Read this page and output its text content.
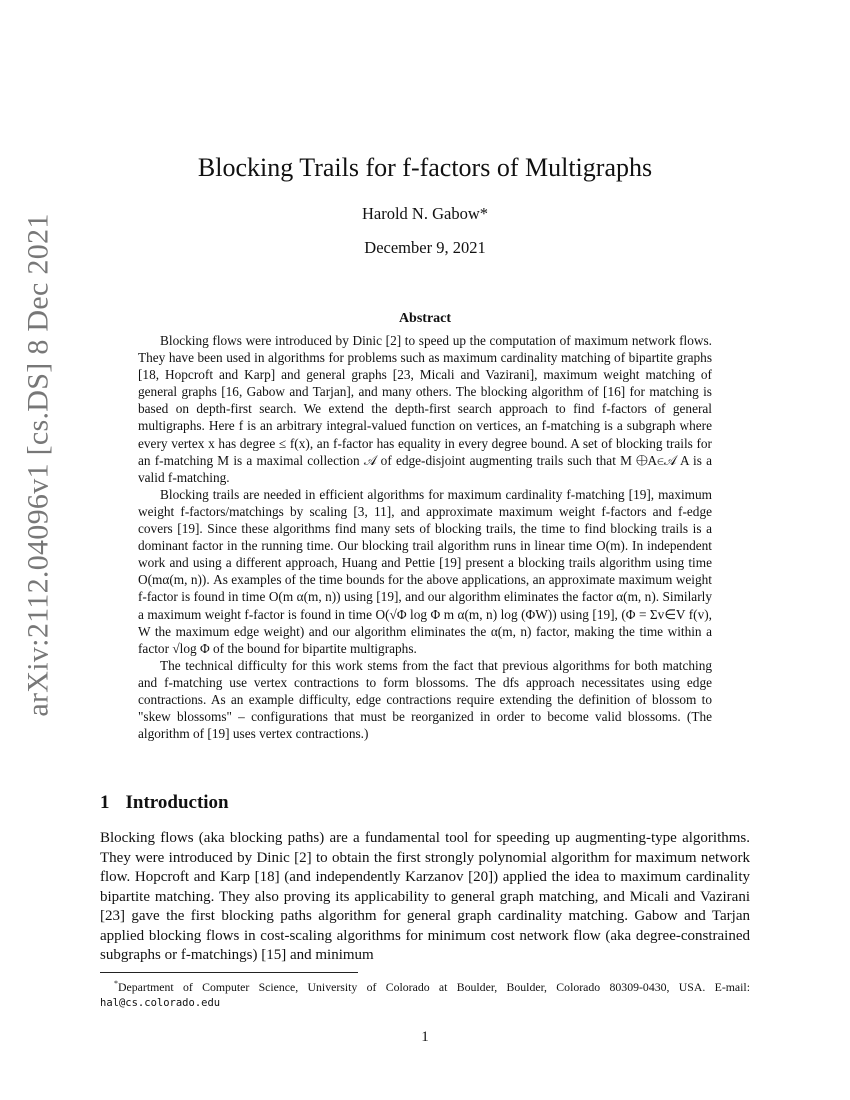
arXiv:2112.04096v1 [cs.DS] 8 Dec 2021
Blocking Trails for f-factors of Multigraphs
Harold N. Gabow*
December 9, 2021
Abstract

Blocking flows were introduced by Dinic [2] to speed up the computation of maximum network flows. They have been used in algorithms for problems such as maximum cardinality matching of bipartite graphs [18, Hopcroft and Karp] and general graphs [23, Micali and Vazirani], maximum weight matching of general graphs [16, Gabow and Tarjan], and many others. The blocking algorithm of [16] for matching is based on depth-first search. We extend the depth-first search approach to find f-factors of general multigraphs. Here f is an arbitrary integral-valued function on vertices, an f-matching is a subgraph where every vertex x has degree ≤ f(x), an f-factor has equality in every degree bound. A set of blocking trails for an f-matching M is a maximal collection 𝒜 of edge-disjoint augmenting trails such that M ⨁A∈𝒜 A is a valid f-matching.

Blocking trails are needed in efficient algorithms for maximum cardinality f-matching [19], maximum weight f-factors/matchings by scaling [3, 11], and approximate maximum weight f-factors and f-edge covers [19]. Since these algorithms find many sets of blocking trails, the time to find blocking trails is a dominant factor in the running time. Our blocking trail algorithm runs in linear time O(m). In independent work and using a different approach, Huang and Pettie [19] present a blocking trails algorithm using time O(mα(m, n)). As examples of the time bounds for the above applications, an approximate maximum weight f-factor is found in time O(m α(m, n)) using [19], and our algorithm eliminates the factor α(m, n). Similarly a maximum weight f-factor is found in time O(√Φ log Φ m α(m, n) log (ΦW)) using [19], (Φ = Σv∈V f(v), W the maximum edge weight) and our algorithm eliminates the α(m, n) factor, making the time within a factor √log Φ of the bound for bipartite multigraphs.

The technical difficulty for this work stems from the fact that previous algorithms for both matching and f-matching use vertex contractions to form blossoms. The dfs approach necessitates using edge contractions. As an example difficulty, edge contractions require extending the definition of blossom to "skew blossoms" – configurations that must be reorganized in order to become valid blossoms. (The algorithm of [19] uses vertex contractions.)

1 Introduction

Blocking flows (aka blocking paths) are a fundamental tool for speeding up augmenting-type algorithms. They were introduced by Dinic [2] to obtain the first strongly polynomial algorithm for maximum network flow. Hopcroft and Karp [18] (and independently Karzanov [20]) applied the idea to maximum cardinality bipartite matching. They also proving its applicability to general graph matching, and Micali and Vazirani [23] gave the first blocking paths algorithm for general graph cardinality matching. Gabow and Tarjan applied blocking flows in cost-scaling algorithms for minimum cost network flow (aka degree-constrained subgraphs or f-matchings) [15] and minimum

*Department of Computer Science, University of Colorado at Boulder, Boulder, Colorado 80309-0430, USA. E-mail: hal@cs.colorado.edu
1
